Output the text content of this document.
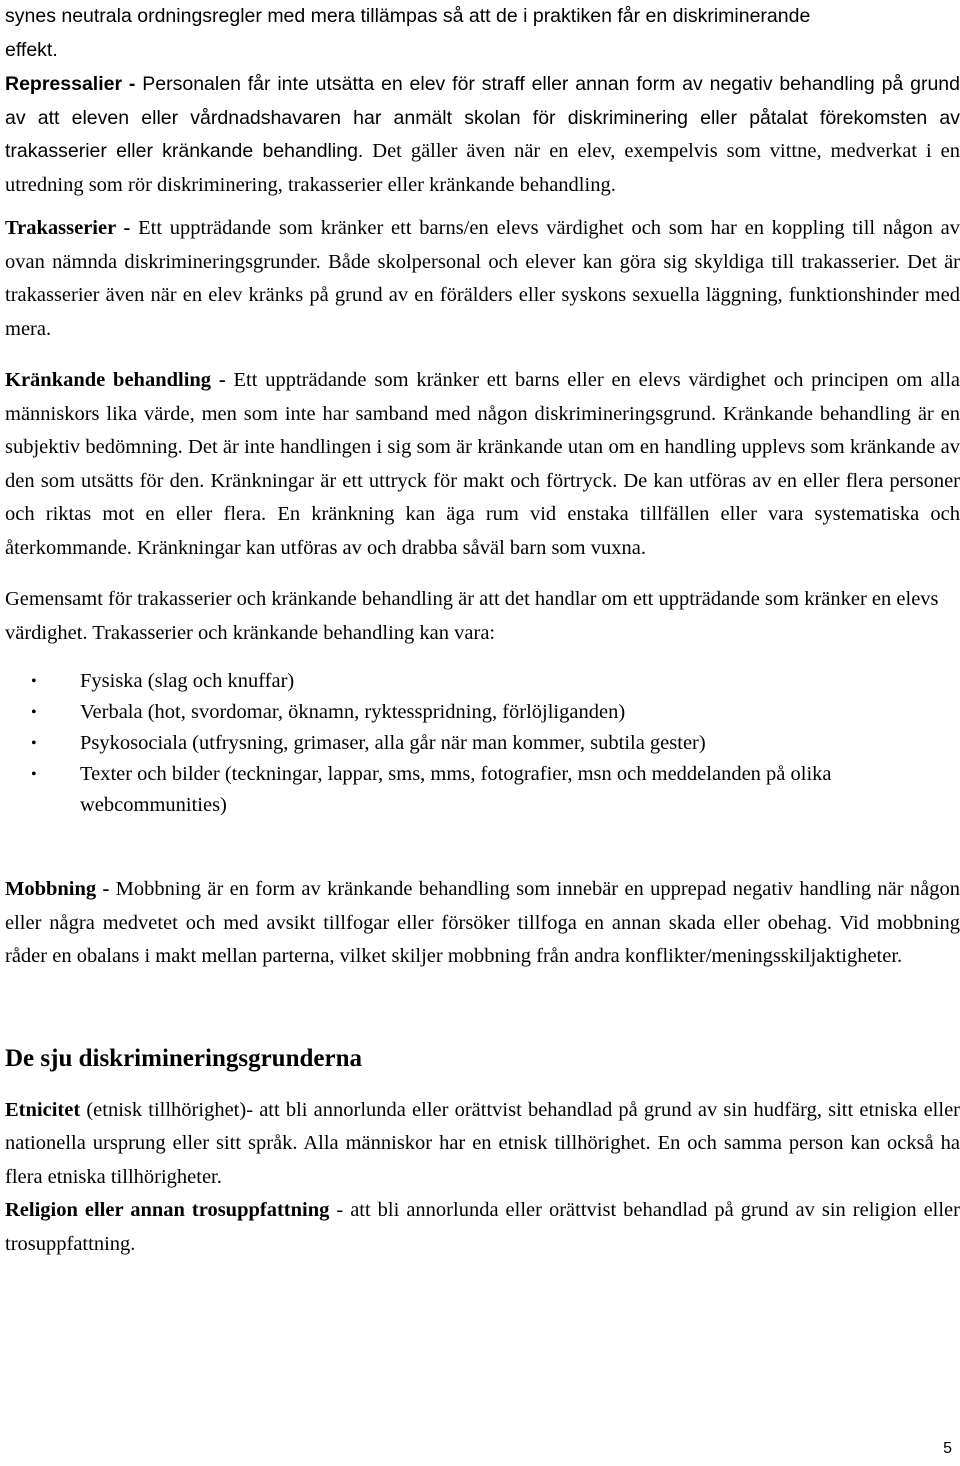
synes neutrala ordningsregler med mera tillämpas så att de i praktiken får en diskriminerande
effekt.

Repressalier - Personalen får inte utsätta en elev för straff eller annan form av negativ behandling på grund av att eleven eller vårdnadshavaren har anmält skolan för diskriminering eller påtalat förekomsten av trakasserier eller kränkande behandling. Det gäller även när en elev, exempelvis som vittne, medverkat i en utredning som rör diskriminering, trakasserier eller kränkande behandling.

Trakasserier - Ett uppträdande som kränker ett barns/en elevs värdighet och som har en koppling till någon av ovan nämnda diskrimineringsgrunder. Både skolpersonal och elever kan göra sig skyldiga till trakasserier. Det är trakasserier även när en elev kränks på grund av en förälders eller syskons sexuella läggning, funktionshinder med mera.

Kränkande behandling - Ett uppträdande som kränker ett barns eller en elevs värdighet och principen om alla människors lika värde, men som inte har samband med någon diskrimineringsgrund. Kränkande behandling är en subjektiv bedömning. Det är inte handlingen i sig som är kränkande utan om en handling upplevs som kränkande av den som utsätts för den. Kränkningar är ett uttryck för makt och förtryck. De kan utföras av en eller flera personer och riktas mot en eller flera. En kränkning kan äga rum vid enstaka tillfällen eller vara systematiska och återkommande. Kränkningar kan utföras av och drabba såväl barn som vuxna.

Gemensamt för trakasserier och kränkande behandling är att det handlar om ett uppträdande som kränker en elevs värdighet. Trakasserier och kränkande behandling kan vara:

• Fysiska (slag och knuffar)
• Verbala (hot, svordomar, öknamn, ryktesspridning, förlöjliganden)
• Psykosociala (utfrysning, grimaser, alla går när man kommer, subtila gester)
• Texter och bilder (teckningar, lappar, sms, mms, fotografier, msn och meddelanden på olika webcommunities)

Mobbning - Mobbning är en form av kränkande behandling som innebär en upprepad negativ handling när någon eller några medvetet och med avsikt tillfogar eller försöker tillfoga en annan skada eller obehag. Vid mobbning råder en obalans i makt mellan parterna, vilket skiljer mobbning från andra konflikter/meningsskiljaktigheter.

De sju diskrimineringsgrunderna

Etnicitet (etnisk tillhörighet)- att bli annorlunda eller orättvist behandlad på grund av sin hudfärg, sitt etniska eller nationella ursprung eller sitt språk. Alla människor har en etnisk tillhörighet. En och samma person kan också ha flera etniska tillhörigheter.

Religion eller annan trosuppfattning - att bli annorlunda eller orättvist behandlad på grund av sin religion eller trosuppfattning.

5
